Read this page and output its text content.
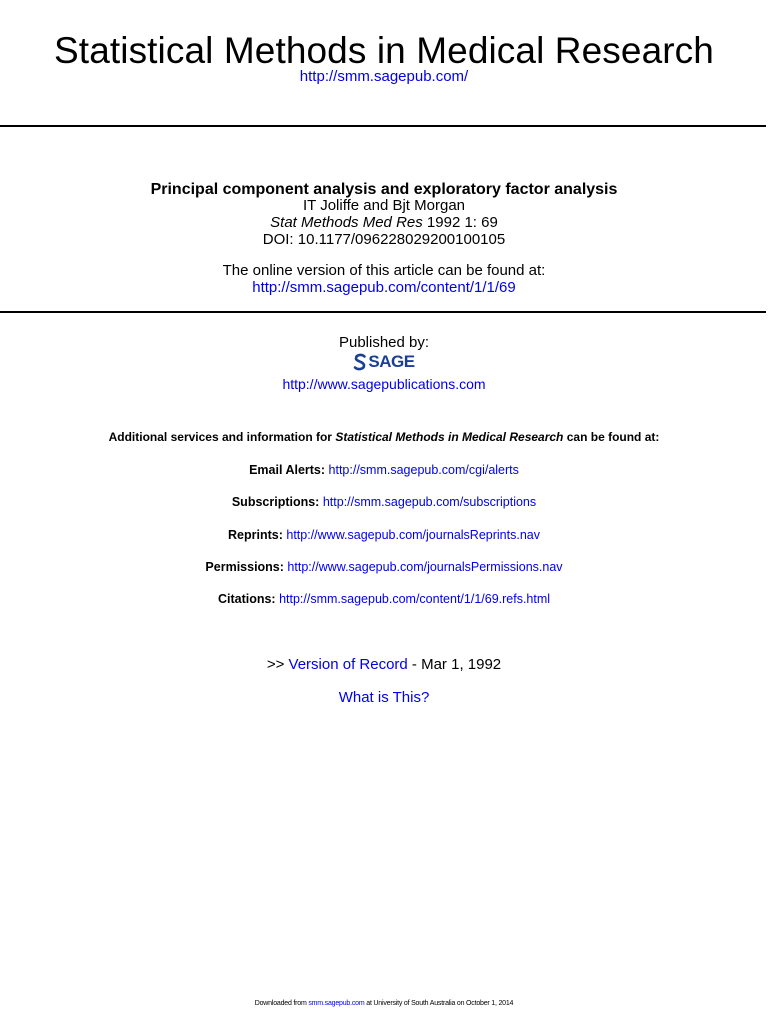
Statistical Methods in Medical Research
http://smm.sagepub.com/
Principal component analysis and exploratory factor analysis
IT Joliffe and Bjt Morgan
Stat Methods Med Res 1992 1: 69
DOI: 10.1177/096228029200100105
The online version of this article can be found at:
http://smm.sagepub.com/content/1/1/69
Published by:
SAGE
http://www.sagepublications.com
Additional services and information for Statistical Methods in Medical Research can be found at:
Email Alerts: http://smm.sagepub.com/cgi/alerts
Subscriptions: http://smm.sagepub.com/subscriptions
Reprints: http://www.sagepub.com/journalsReprints.nav
Permissions: http://www.sagepub.com/journalsPermissions.nav
Citations: http://smm.sagepub.com/content/1/1/69.refs.html
>> Version of Record - Mar 1, 1992
What is This?
Downloaded from smm.sagepub.com at University of South Australia on October 1, 2014
